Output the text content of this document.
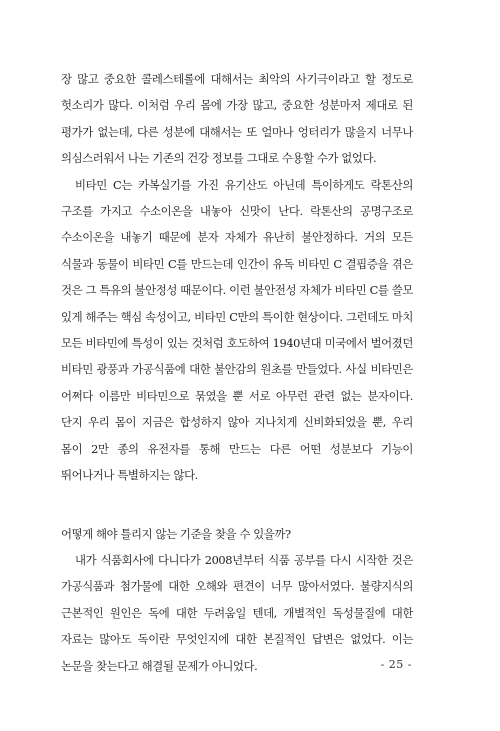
장 많고 중요한 콜레스테롤에 대해서는 최악의 사기극이라고 할 정도로 헛소리가 많다. 이처럼 우리 몸에 가장 많고, 중요한 성분마저 제대로 된 평가가 없는데, 다른 성분에 대해서는 또 얼마나 엉터리가 많을지 너무나 의심스러워서 나는 기존의 건강 정보를 그대로 수용할 수가 없었다.

비타민 C는 카복실기를 가진 유기산도 아닌데 특이하게도 락톤산의 구조를 가지고 수소이온을 내놓아 신맛이 난다. 락톤산의 공명구조로 수소이온을 내놓기 때문에 분자 자체가 유난히 불안정하다. 거의 모든 식물과 동물이 비타민 C를 만드는데 인간이 유독 비타민 C 결핍증을 겪은 것은 그 특유의 불안정성 때문이다. 이런 불안전성 자체가 비타민 C를 쓸모 있게 해주는 핵심 속성이고, 비타민 C만의 특이한 현상이다. 그런데도 마치 모든 비타민에 특성이 있는 것처럼 호도하여 1940년대 미국에서 벌어졌던 비타민 광풍과 가공식품에 대한 불안감의 원초를 만들었다. 사실 비타민은 어쩌다 이름만 비타민으로 묶였을 뿐 서로 아무런 관련 없는 분자이다. 단지 우리 몸이 지금은 합성하지 않아 지나치게 신비화되었을 뿐, 우리 몸이 2만 종의 유전자를 통해 만드는 다른 어떤 성분보다 기능이 뛰어나거나 특별하지는 않다.

어떻게 해야 틀리지 않는 기준을 찾을 수 있을까?

내가 식품회사에 다니다가 2008년부터 식품 공부를 다시 시작한 것은 가공식품과 첨가물에 대한 오해와 편견이 너무 많아서였다. 불량지식의 근본적인 원인은 독에 대한 두려움일 텐데, 개별적인 독성물질에 대한 자료는 많아도 독이란 무엇인지에 대한 본질적인 답변은 없었다. 이는 논문을 찾는다고 해결될 문제가 아니었다.	- 25 -
